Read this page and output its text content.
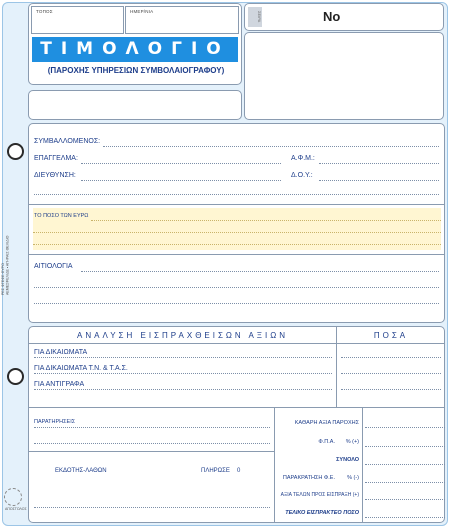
ΤΟΠΟΣ	ΗΜΕΡ/ΝΙΑ
ΤΙΜΟΛΟΓΙΟ
(ΠΑΡΟΧΗΣ ΥΠΗΡΕΣΙΩΝ ΣΥΜΒΟΛΑΙΟΓΡΑΦΟΥ)
ΣΕΙΡΑ	No
ΡΕΣ ΦΓΕΦΕ ΦΥΡΟ ΑΕΜΕΣΦΕΛΙΔΕ • ΑΓΗΡΑΙΣ ΘΕΛΙΔΙΟ
ΣΥΜΒΑΛΛΟΜΕΝΟΣ:
ΕΠΑΓΓΕΛΜΑ:	Α.Φ.Μ.:
ΔΙΕΥΘΥΝΣΗ:	Δ.Ο.Υ.:
ΤΟ ΠΟΣΟ ΤΩΝ ΕΥΡΩ
ΑΙΤΙΟΛΟΓΙΑ
ΑΝΑΛΥΣΗ ΕΙΣΠΡΑΧΘΕΙΣΩΝ ΑΞΙΩΝ	ΠΟΣΑ
ΓΙΑ ΔΙΚΑΙΩΜΑΤΑ
ΓΙΑ ΔΙΚΑΙΩΜΑΤΑ Τ.Ν. & Τ.Α.Σ.
ΓΙΑ ΑΝΤΙΓΡΑΦΑ
ΠΑΡΑΤΗΡΗΣΕΙΣ
ΕΚΔΟΤΗΣ-ΛΑΘΩΝ	ΠΛΗΡΩΣΕ 0
ΚΑΘΑΡΗ ΑΞΙΑ ΠΑΡΟΧΗΣ
Φ.Π.Α.	% (+)
ΣΥΝΟΛΟ
ΠΑΡΑΚΡΑΤΗΣΗ Φ.Ε.	% (-)
ΑΞΙΑ ΤΕΛΩΝ ΠΡΟΣ ΕΙΣΠΡΑΞΗ (+)
ΤΕΛΙΚΟ ΕΙΣΠΡΑΚΤΕΟ ΠΟΣΟ
ΑΠΟΣΤΟΛΟΣ
